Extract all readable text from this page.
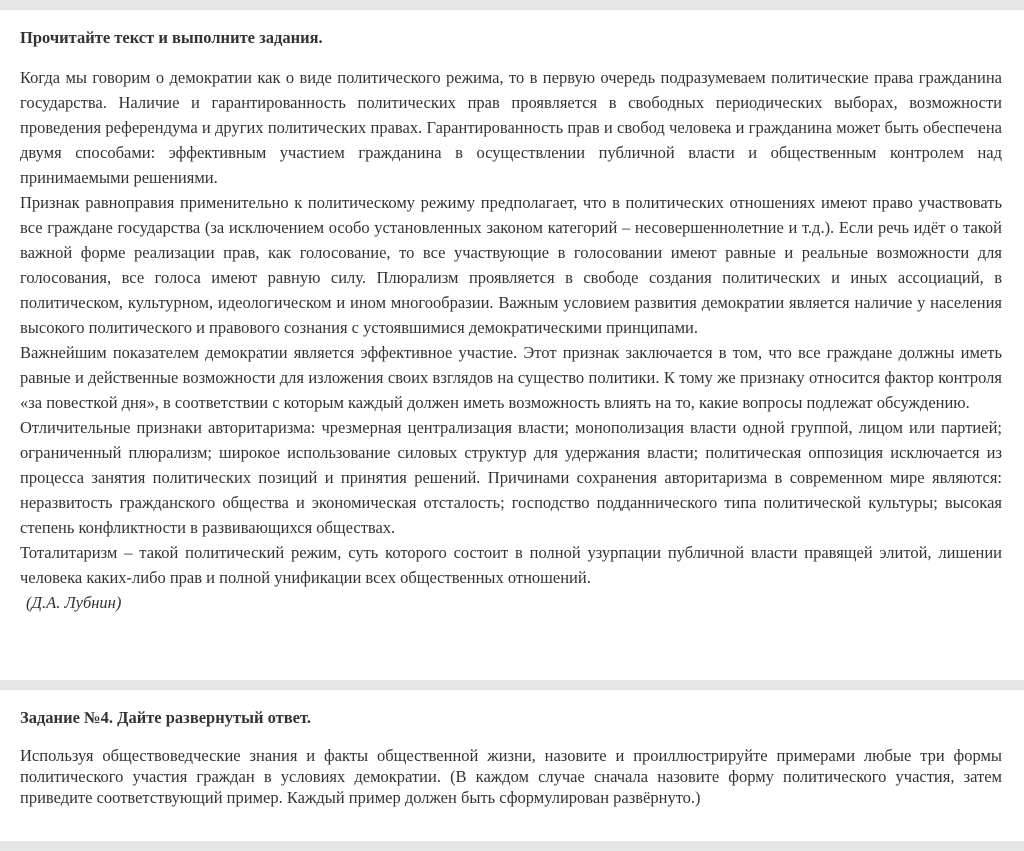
Прочитайте текст и выполните задания.

Когда мы говорим о демократии как о виде политического режима, то в первую очередь подразумеваем политические права гражданина государства. Наличие и гарантированность политических прав проявляется в свободных периодических выборах, возможности проведения референдума и других политических правах. Гарантированность прав и свобод человека и гражданина может быть обеспечена двумя способами: эффективным участием гражданина в осуществлении публичной власти и общественным контролем над принимаемыми решениями.

Признак равноправия применительно к политическому режиму предполагает, что в политических отношениях имеют право участвовать все граждане государства (за исключением особо установленных законом категорий – несовершеннолетние и т.д.). Если речь идёт о такой важной форме реализации прав, как голосование, то все участвующие в голосовании имеют равные и реальные возможности для голосования, все голоса имеют равную силу. Плюрализм проявляется в свободе создания политических и иных ассоциаций, в политическом, культурном, идеологическом и ином многообразии. Важным условием развития демократии является наличие у населения высокого политического и правового сознания с устоявшимися демократическими принципами.

Важнейшим показателем демократии является эффективное участие. Этот признак заключается в том, что все граждане должны иметь равные и действенные возможности для изложения своих взглядов на существо политики. К тому же признаку относится фактор контроля «за повесткой дня», в соответствии с которым каждый должен иметь возможность влиять на то, какие вопросы подлежат обсуждению.

Отличительные признаки авторитаризма: чрезмерная централизация власти; монополизация власти одной группой, лицом или партией; ограниченный плюрализм; широкое использование силовых структур для удержания власти; политическая оппозиция исключается из процесса занятия политических позиций и принятия решений. Причинами сохранения авторитаризма в современном мире являются: неразвитость гражданского общества и экономическая отсталость; господство подданнического типа политической культуры; высокая степень конфликтности в развивающихся обществах.

Тоталитаризм – такой политический режим, суть которого состоит в полной узурпации публичной власти правящей элитой, лишении человека каких-либо прав и полной унификации всех общественных отношений.

(Д.А. Лубнин)

Задание №4. Дайте развернутый ответ.

Используя обществоведческие знания и факты общественной жизни, назовите и проиллюстрируйте примерами любые три формы политического участия граждан в условиях демократии. (В каждом случае сначала назовите форму политического участия, затем приведите соответствующий пример. Каждый пример должен быть сформулирован развёрнуто.)
